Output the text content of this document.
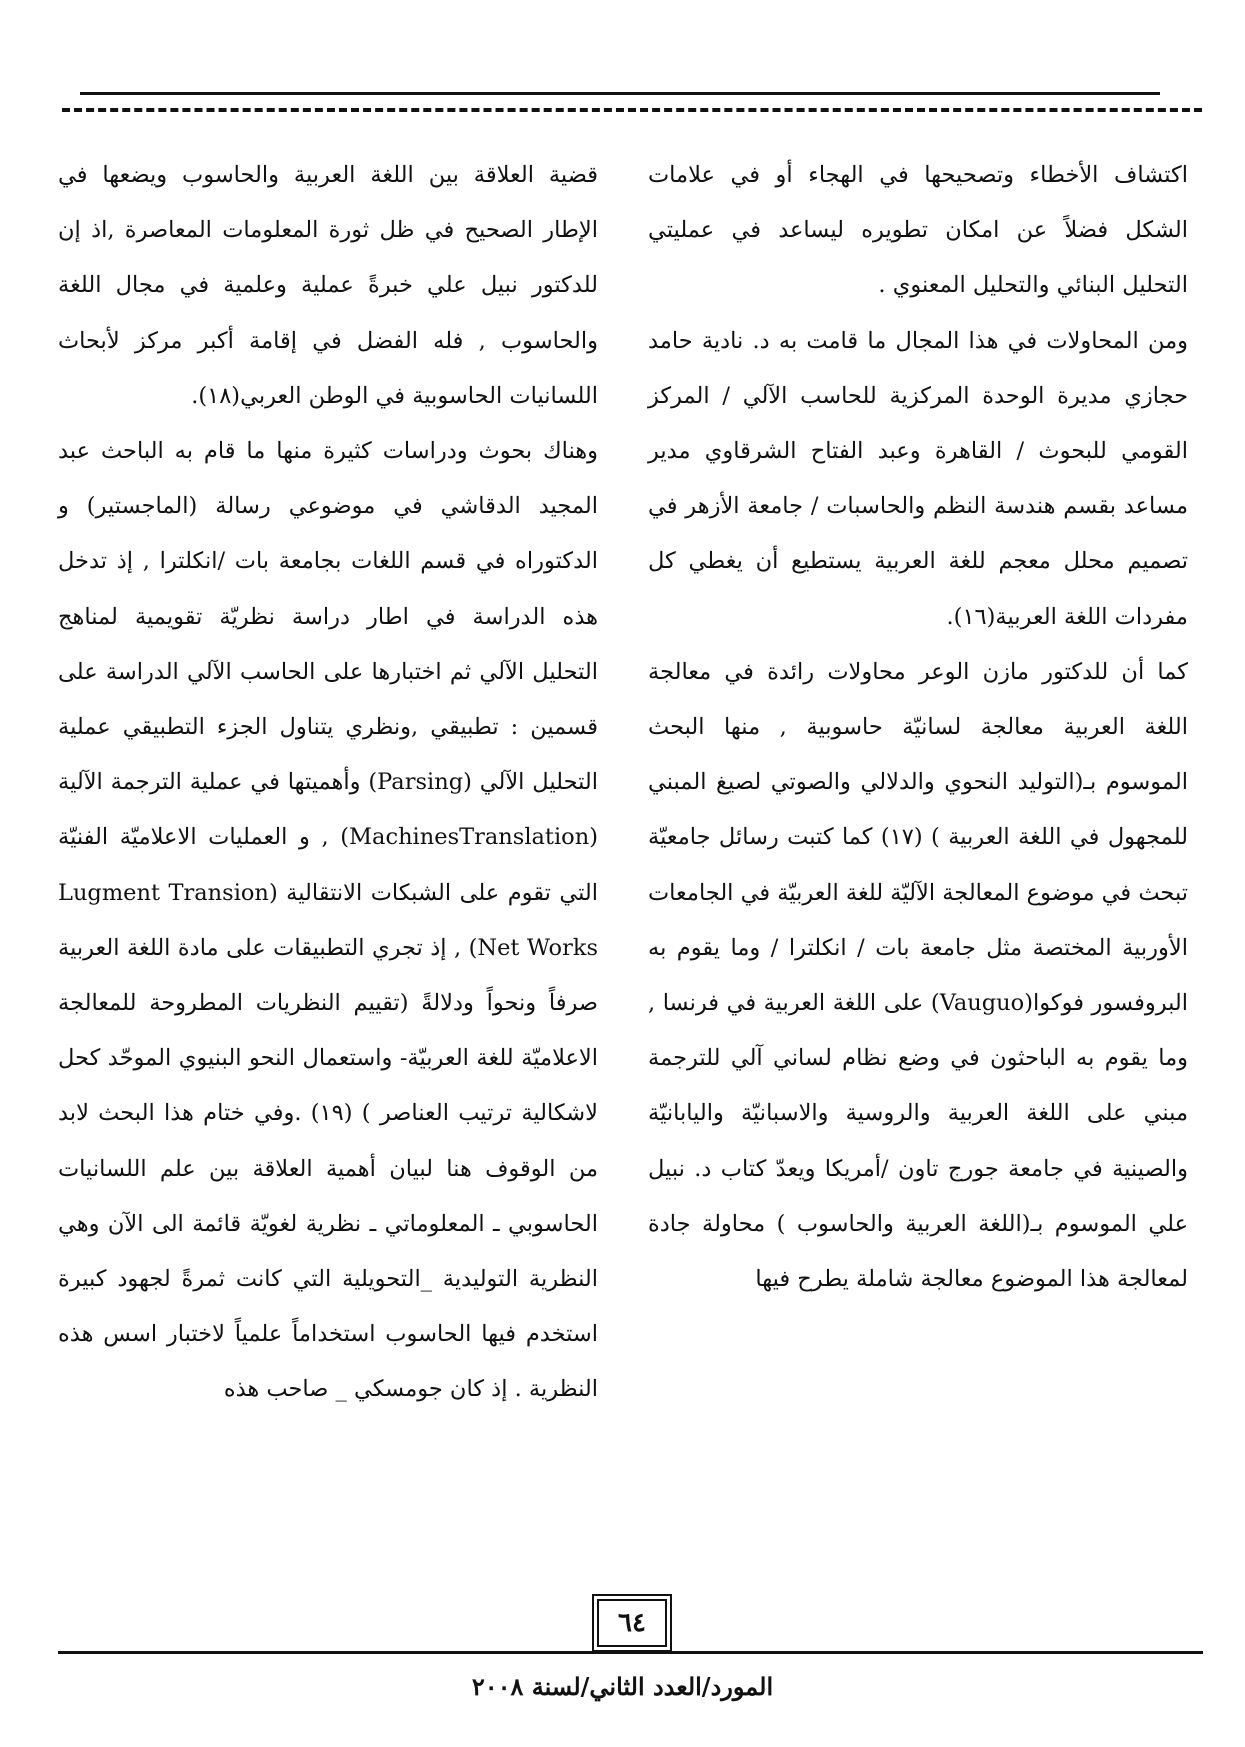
اكتشاف الأخطاء وتصحيحها في الهجاء أو في علامات الشكل فضلاً عن امكان تطويره ليساعد في عمليتي التحليل البنائي والتحليل المعنوي .

ومن المحاولات في هذا المجال ما قامت به د. نادية حامد حجازي مديرة الوحدة المركزية للحاسب الآلي / المركز القومي للبحوث / القاهرة وعبد الفتاح الشرقاوي مدير مساعد بقسم هندسة النظم والحاسبات / جامعة الأزهر في تصميم محلل معجم للغة العربية يستطيع أن يغطي كل مفردات اللغة العربية(١٦).

كما أن للدكتور مازن الوعر محاولات رائدة في معالجة اللغة العربية معالجة لسانيّة حاسوبية , منها البحث الموسوم بـ(التوليد النحوي والدلالي والصوتي لصيغ المبني للمجهول في اللغة العربية ) (١٧) كما كتبت رسائل جامعيّة تبحث في موضوع المعالجة الآليّة للغة العربيّة في الجامعات الأوربية المختصة مثل جامعة بات / انكلترا / وما يقوم به البروفسور فوكوا(Vauguo) على اللغة العربية في فرنسا , وما يقوم به الباحثون في وضع نظام لساني آلي للترجمة مبني على اللغة العربية والروسية والاسبانيّة واليابانيّة والصينية في جامعة جورج تاون /أمريكا ويعدّ كتاب د. نبيل علي الموسوم بـ(اللغة العربية والحاسوب ) محاولة جادة لمعالجة هذا الموضوع معالجة شاملة يطرح فيها

قضية العلاقة بين اللغة العربية والحاسوب ويضعها في الإطار الصحيح في ظل ثورة المعلومات المعاصرة ,اذ إن للدكتور نبيل علي خبرةً عملية وعلمية في مجال اللغة والحاسوب , فله الفضل في إقامة أكبر مركز لأبحاث اللسانيات الحاسوبية في الوطن العربي(١٨).

وهناك بحوث ودراسات كثيرة منها ما قام به الباحث عبد المجيد الدقاشي في موضوعي رسالة (الماجستير) و الدكتوراه في قسم اللغات بجامعة بات /انكلترا , إذ تدخل هذه الدراسة في اطار دراسة نظريّة تقويمية لمناهج التحليل الآلي ثم اختبارها على الحاسب الآلي الدراسة على قسمين : تطبيقي ,ونظري يتناول الجزء التطبيقي عملية التحليل الآلي (Parsing) وأهميتها في عملية الترجمة الآلية (MachinesTranslation) , و العمليات الاعلاميّة الفنيّة التي تقوم على الشبكات الانتقالية (Lugment Transion Net Works) , إذ تجري التطبيقات على مادة اللغة العربية صرفاً ونحواً ودلالةً (تقييم النظريات المطروحة للمعالجة الاعلاميّة للغة العربيّة- واستعمال النحو البنيوي الموحّد كحل لاشكالية ترتيب العناصر ) (١٩) .وفي ختام هذا البحث لابد من الوقوف هنا لبيان أهمية العلاقة بين علم اللسانيات الحاسوبي ـ المعلوماتي ـ نظرية لغويّة قائمة الى الآن وهي النظرية التوليدية _التحويلية التي كانت ثمرةً لجهود كبيرة استخدم فيها الحاسوب استخداماً علمياً لاختبار اسس هذه النظرية . إذ كان جومسكي _ صاحب هذه

٦٤
المورد/العدد الثاني/لسنة ٢٠٠٨
